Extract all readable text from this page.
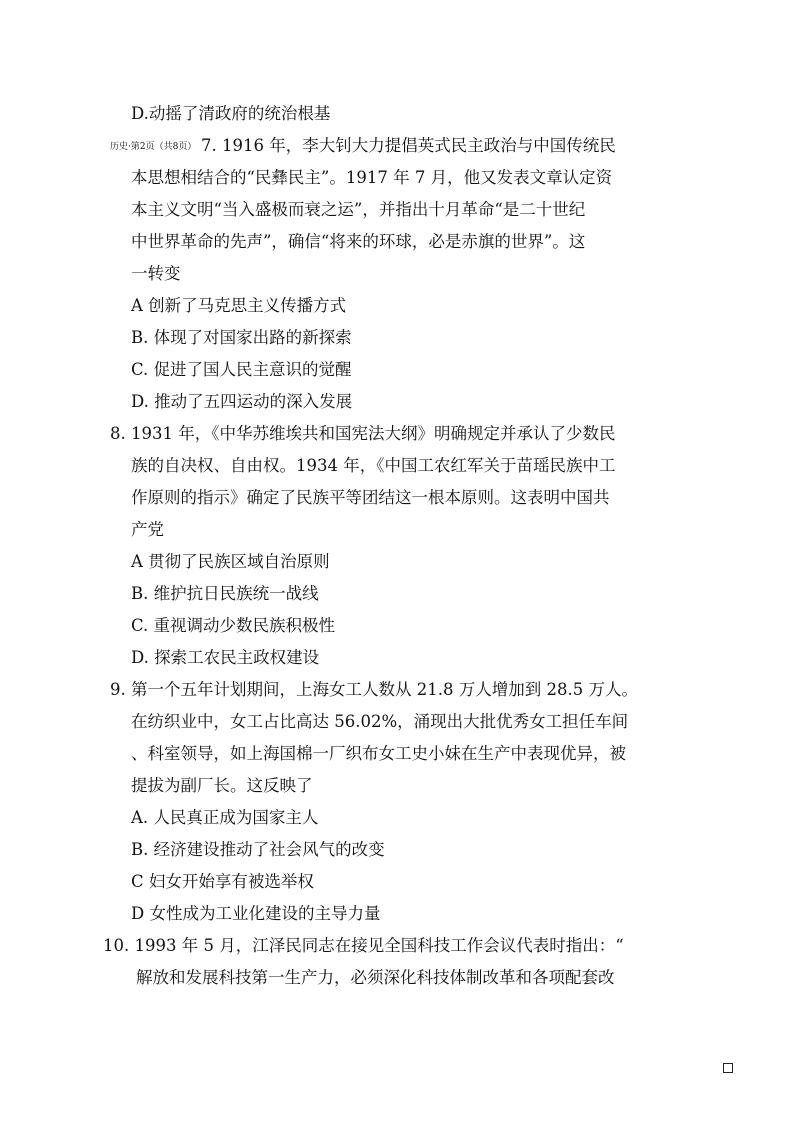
D.动摇了清政府的统治根基
历史·第2页（共8页） 7. 1916 年，李大钊大力提倡英式民主政治与中国传统民
本思想相结合的“民彝民主”。1917 年 7 月，他又发表文章认定资
本主义文明“当入盛极而衰之运”，并指出十月革命“是二十世纪
中世界革命的先声”，确信“将来的环球，必是赤旗的世界”。这
一转变
A 创新了马克思主义传播方式
B. 体现了对国家出路的新探索
C. 促进了国人民主意识的觉醒
D. 推动了五四运动的深入发展
8. 1931 年，《中华苏维埃共和国宪法大纲》明确规定并承认了少数民
族的自决权、自由权。1934 年，《中国工农红军关于苗瑶民族中工
作原则的指示》确定了民族平等团结这一根本原则。这表明中国共
产党
A 贯彻了民族区域自治原则
B. 维护抗日民族统一战线
C. 重视调动少数民族积极性
D. 探索工农民主政权建设
9. 第一个五年计划期间，上海女工人数从 21.8 万人增加到 28.5 万人。
在纺织业中，女工占比高达 56.02%，涌现出大批优秀女工担任车间
、科室领导，如上海国棉一厂织布女工史小妹在生产中表现优异，被
提拔为副厂长。这反映了
A. 人民真正成为国家主人
B. 经济建设推动了社会风气的改变
C 妇女开始享有被选举权
D 女性成为工业化建设的主导力量
10. 1993 年 5 月，江泽民同志在接见全国科技工作会议代表时指出：“
解放和发展科技第一生产力，必须深化科技体制改革和各项配套改
